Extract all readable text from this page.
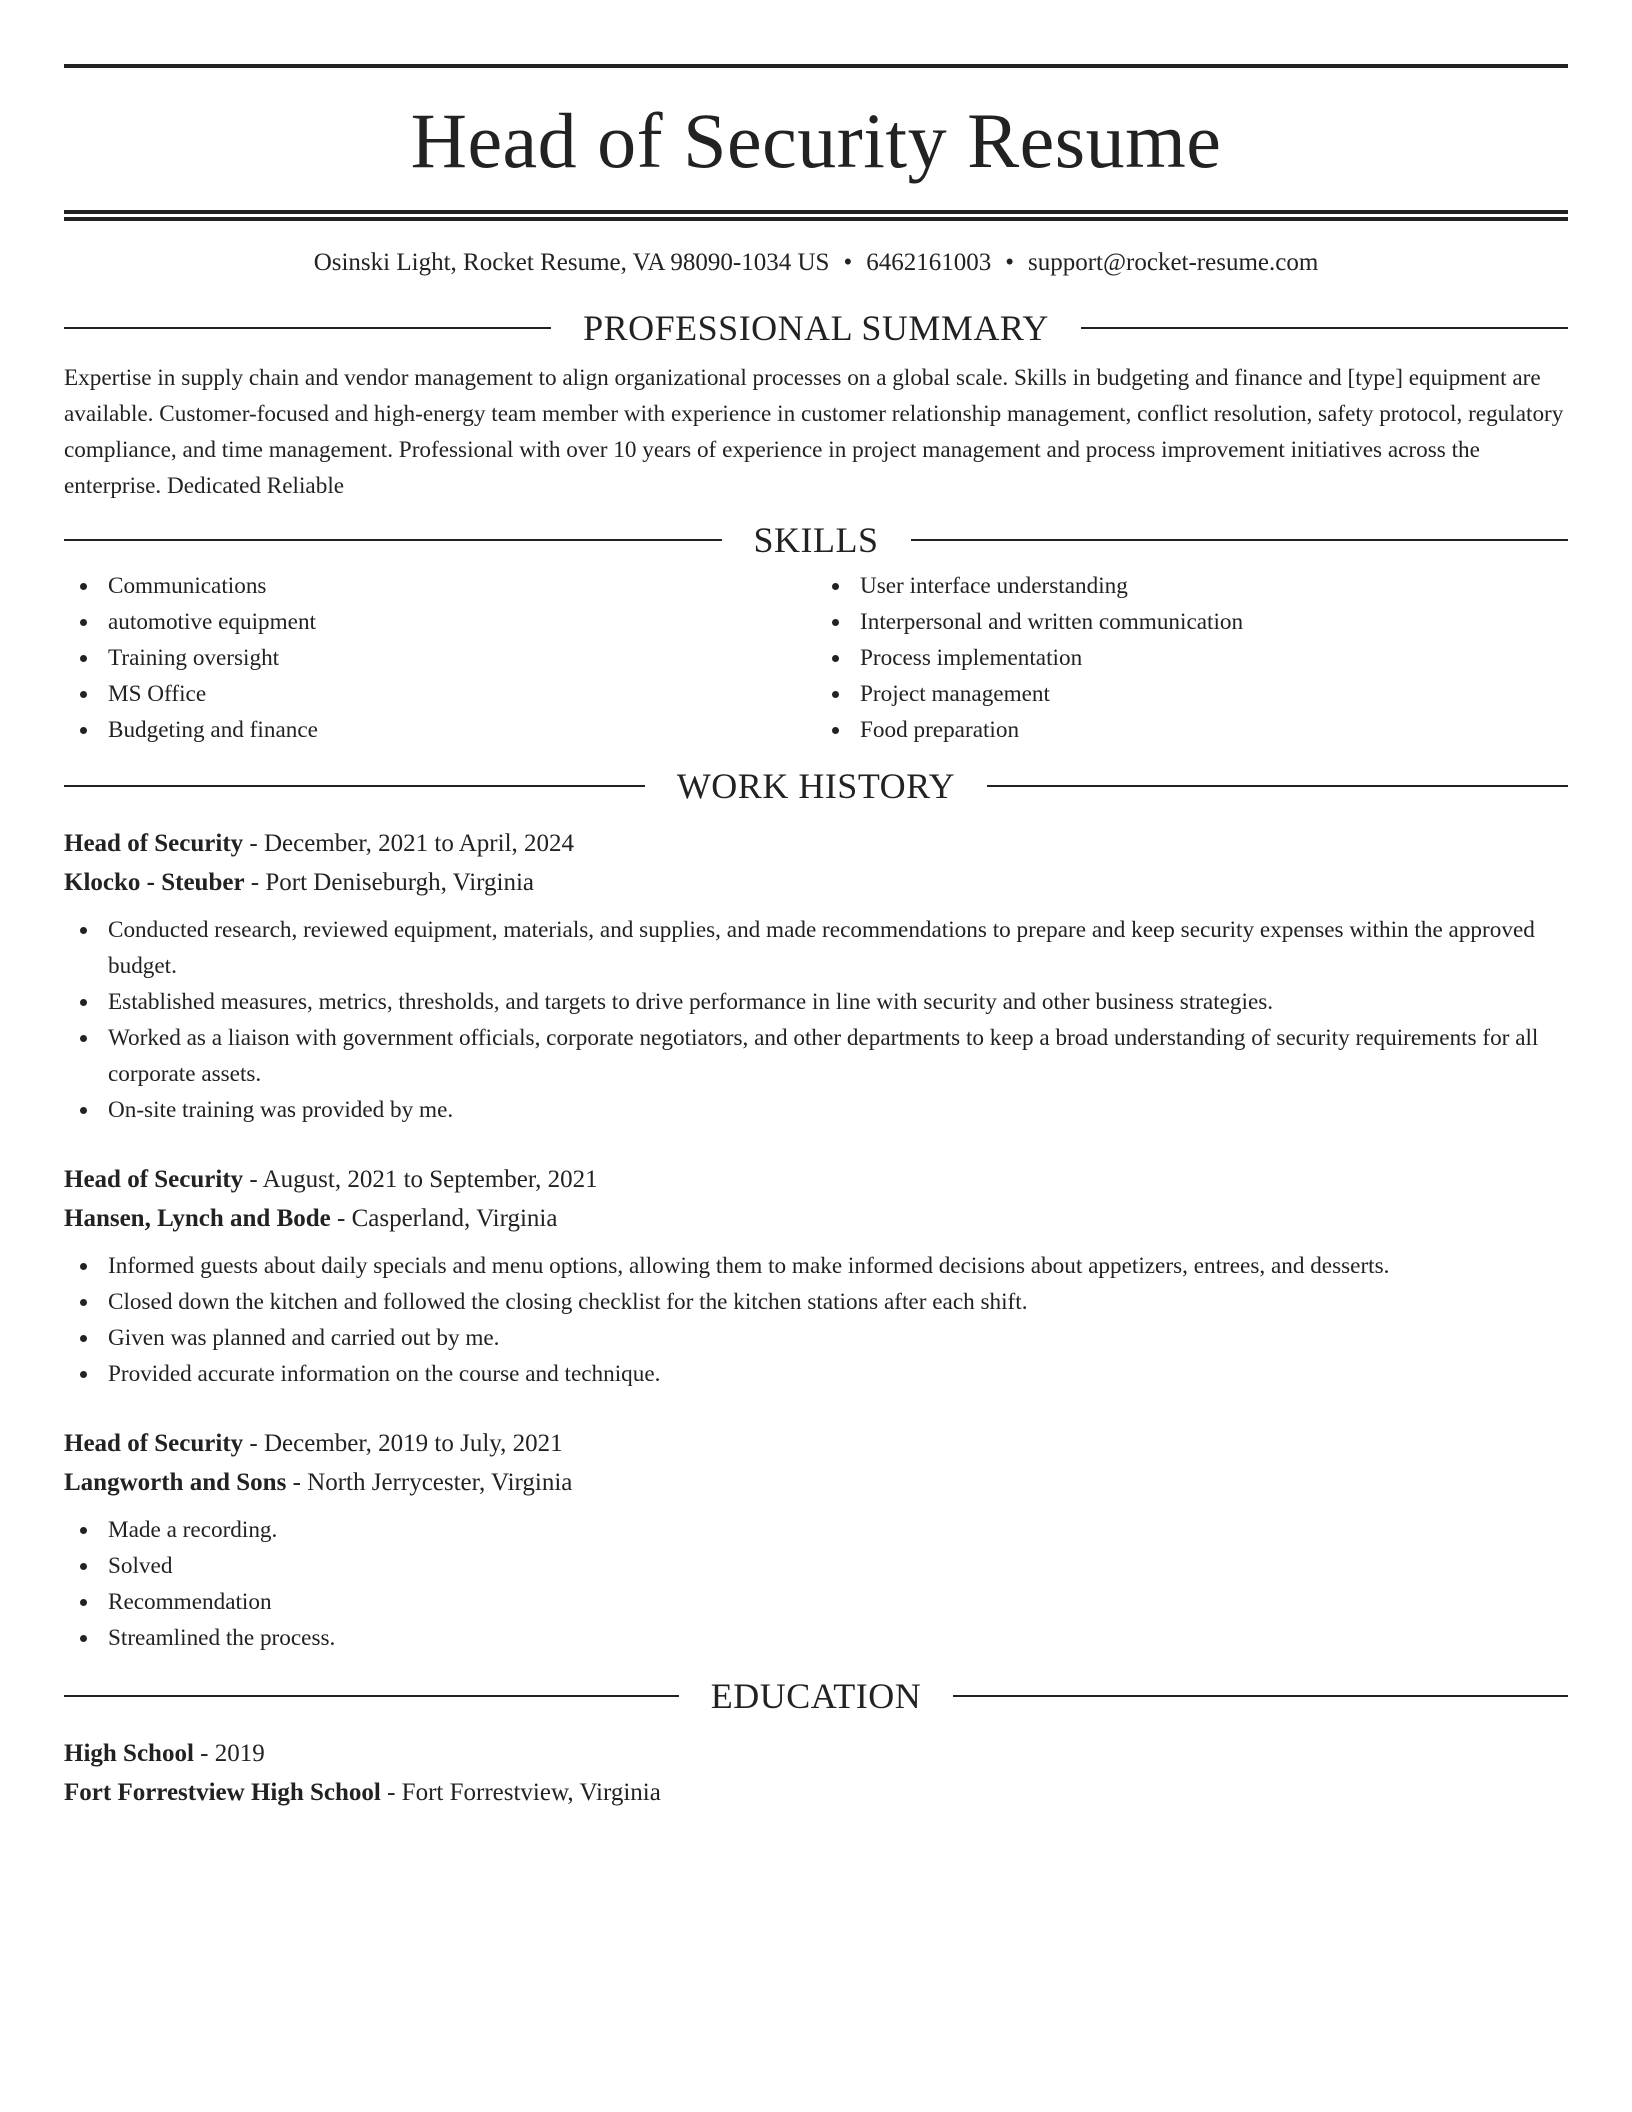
Head of Security Resume
Osinski Light, Rocket Resume, VA 98090-1034 US • 6462161003 • support@rocket-resume.com
PROFESSIONAL SUMMARY

Expertise in supply chain and vendor management to align organizational processes on a global scale. Skills in budgeting and finance and [type] equipment are available. Customer-focused and high-energy team member with experience in customer relationship management, conflict resolution, safety protocol, regulatory compliance, and time management. Professional with over 10 years of experience in project management and process improvement initiatives across the enterprise. Dedicated Reliable

SKILLS
Communications
automotive equipment
Training oversight
MS Office
Budgeting and finance
User interface understanding
Interpersonal and written communication
Process implementation
Project management
Food preparation
WORK HISTORY
Head of Security - December, 2021 to April, 2024
Klocko - Steuber - Port Deniseburgh, Virginia
Conducted research, reviewed equipment, materials, and supplies, and made recommendations to prepare and keep security expenses within the approved budget.
Established measures, metrics, thresholds, and targets to drive performance in line with security and other business strategies.
Worked as a liaison with government officials, corporate negotiators, and other departments to keep a broad understanding of security requirements for all corporate assets.
On-site training was provided by me.
Head of Security - August, 2021 to September, 2021
Hansen, Lynch and Bode - Casperland, Virginia
Informed guests about daily specials and menu options, allowing them to make informed decisions about appetizers, entrees, and desserts.
Closed down the kitchen and followed the closing checklist for the kitchen stations after each shift.
Given was planned and carried out by me.
Provided accurate information on the course and technique.
Head of Security - December, 2019 to July, 2021
Langworth and Sons - North Jerrycester, Virginia
Made a recording.
Solved
Recommendation
Streamlined the process.
EDUCATION
High School - 2019
Fort Forrestview High School - Fort Forrestview, Virginia
